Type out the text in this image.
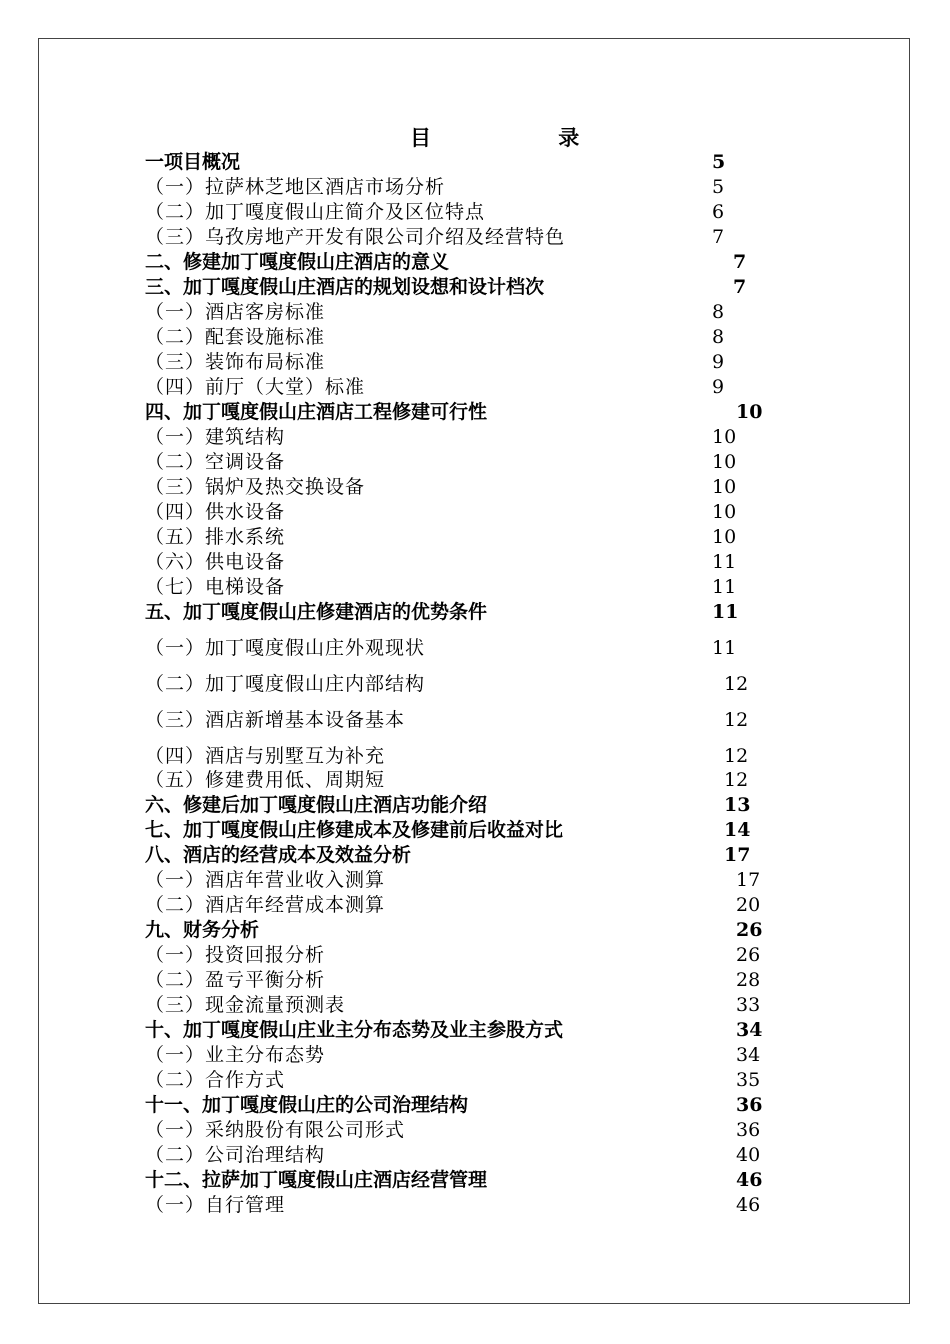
目 录
一项目概况	5
（一）拉萨林芝地区酒店市场分析	5
（二）加丁嘎度假山庄简介及区位特点	6
（三）乌孜房地产开发有限公司介绍及经营特色	7
二、修建加丁嘎度假山庄酒店的意义	7
三、加丁嘎度假山庄酒店的规划设想和设计档次	7
（一）酒店客房标准	8
（二）配套设施标准	8
（三）装饰布局标准	9
（四）前厅（大堂）标准	9
四、加丁嘎度假山庄酒店工程修建可行性	10
（一）建筑结构	10
（二）空调设备	10
（三）锅炉及热交换设备	10
（四）供水设备	10
（五）排水系统	10
（六）供电设备	11
（七）电梯设备	11
五、加丁嘎度假山庄修建酒店的优势条件	11
（一）加丁嘎度假山庄外观现状	11
（二）加丁嘎度假山庄内部结构	12
（三）酒店新增基本设备基本	12
（四）酒店与别墅互为补充	12
（五）修建费用低、周期短	12
六、修建后加丁嘎度假山庄酒店功能介绍	13
七、加丁嘎度假山庄修建成本及修建前后收益对比	14
八、酒店的经营成本及效益分析	17
（一）酒店年营业收入测算	17
（二）酒店年经营成本测算	20
九、财务分析	26
（一）投资回报分析	26
（二）盈亏平衡分析	28
（三）现金流量预测表	33
十、加丁嘎度假山庄业主分布态势及业主参股方式	34
（一）业主分布态势	34
（二）合作方式	35
十一、加丁嘎度假山庄的公司治理结构	36
（一）采纳股份有限公司形式	36
（二）公司治理结构	40
十二、拉萨加丁嘎度假山庄酒店经营管理	46
（一）自行管理	46
